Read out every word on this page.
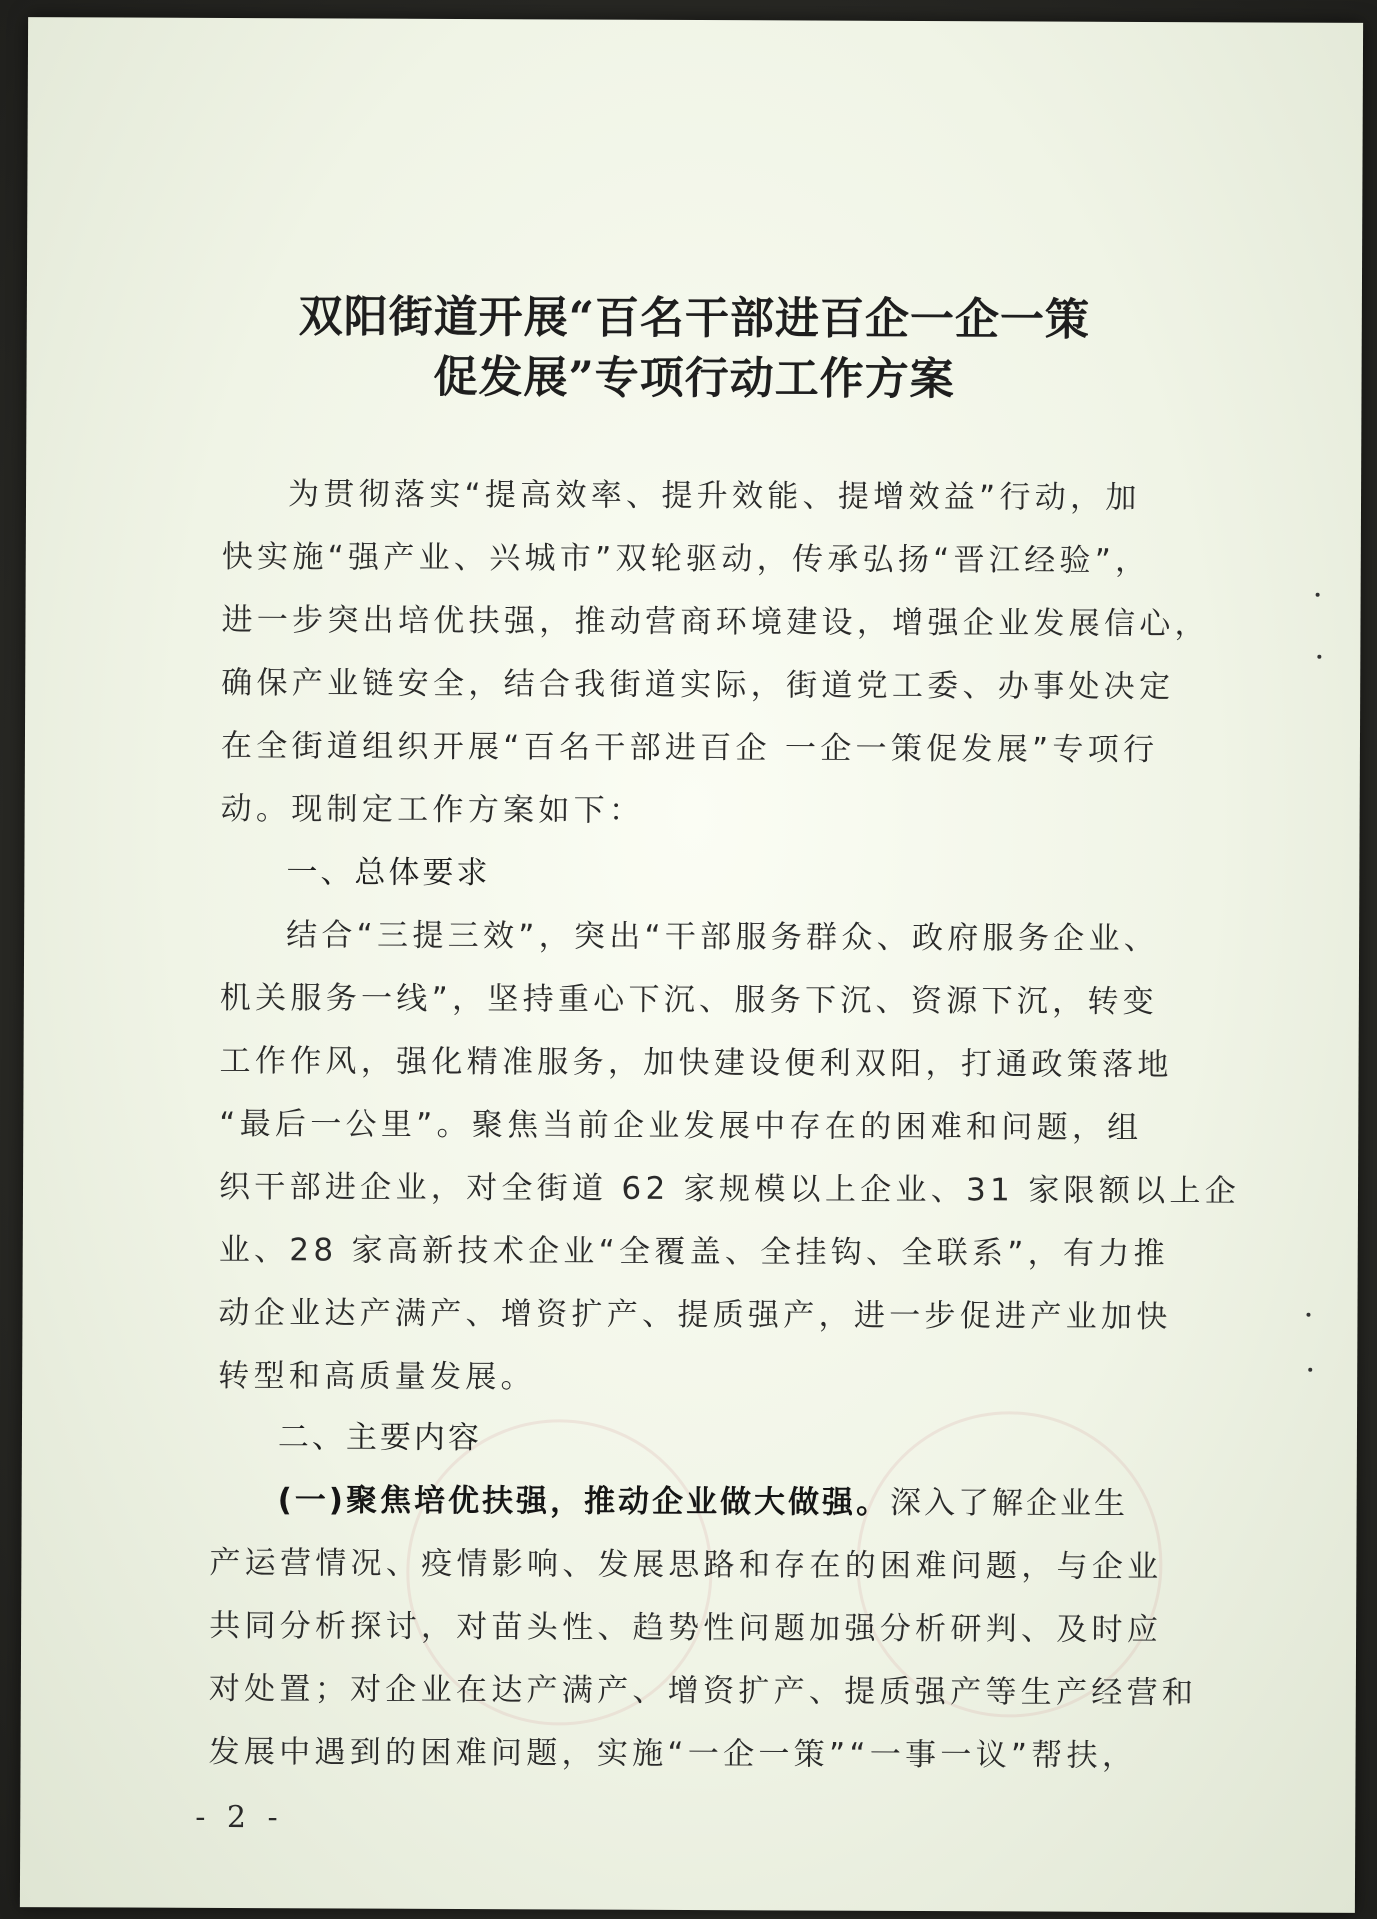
双阳街道开展“百名干部进百企一企一策
促发展”专项行动工作方案
为贯彻落实“提高效率、提升效能、提增效益”行动，加
快实施“强产业、兴城市”双轮驱动，传承弘扬“晋江经验”，
进一步突出培优扶强，推动营商环境建设，增强企业发展信心，
确保产业链安全，结合我街道实际，街道党工委、办事处决定
在全街道组织开展“百名干部进百企 一企一策促发展”专项行
动。现制定工作方案如下：
一、总体要求
结合“三提三效”，突出“干部服务群众、政府服务企业、
机关服务一线”，坚持重心下沉、服务下沉、资源下沉，转变
工作作风，强化精准服务，加快建设便利双阳，打通政策落地
“最后一公里”。聚焦当前企业发展中存在的困难和问题，组
织干部进企业，对全街道 62 家规模以上企业、31 家限额以上企
业、28 家高新技术企业“全覆盖、全挂钩、全联系”，有力推
动企业达产满产、增资扩产、提质强产，进一步促进产业加快
转型和高质量发展。
二、主要内容
(一)聚焦培优扶强，推动企业做大做强。深入了解企业生
产运营情况、疫情影响、发展思路和存在的困难问题，与企业
共同分析探讨，对苗头性、趋势性问题加强分析研判、及时应
对处置；对企业在达产满产、增资扩产、提质强产等生产经营和
发展中遇到的困难问题，实施“一企一策”“一事一议”帮扶，
- 2 -
